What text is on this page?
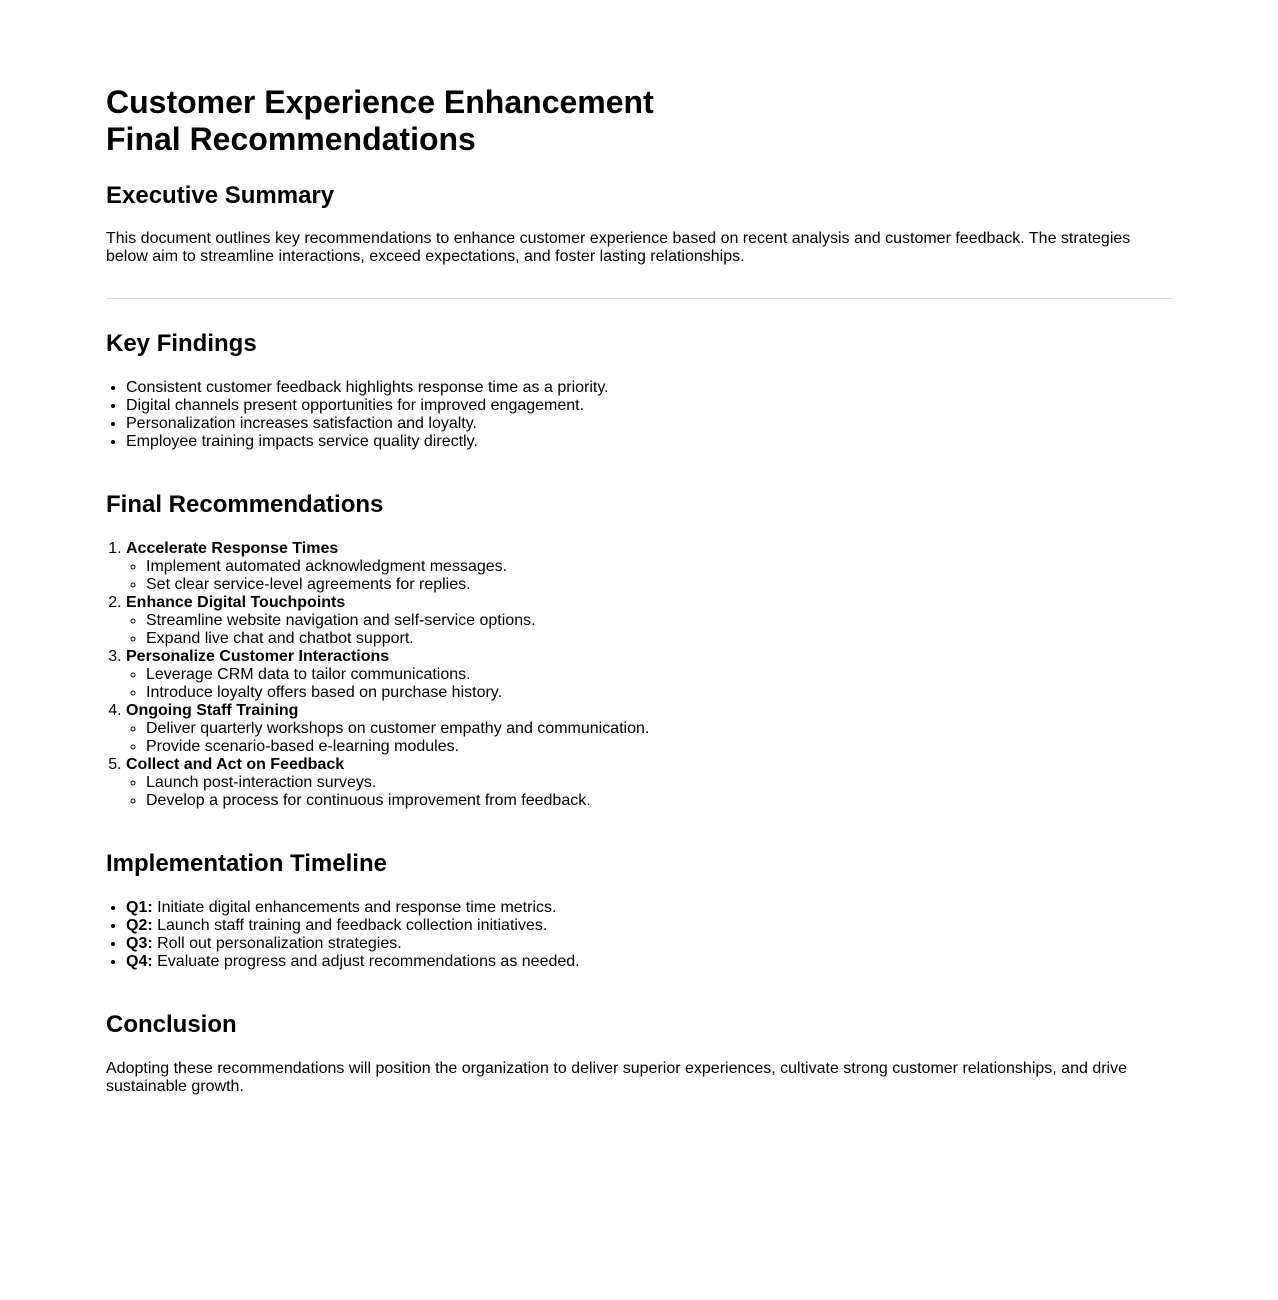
Customer Experience Enhancement
Final Recommendations
Executive Summary

This document outlines key recommendations to enhance customer experience based on recent analysis and customer feedback. The strategies below aim to streamline interactions, exceed expectations, and foster lasting relationships.

Key Findings
• Consistent customer feedback highlights response time as a priority.
• Digital channels present opportunities for improved engagement.
• Personalization increases satisfaction and loyalty.
• Employee training impacts service quality directly.
Final Recommendations
1. Accelerate Response Times
◦ Implement automated acknowledgment messages.
◦ Set clear service-level agreements for replies.
2. Enhance Digital Touchpoints
◦ Streamline website navigation and self-service options.
◦ Expand live chat and chatbot support.
3. Personalize Customer Interactions
◦ Leverage CRM data to tailor communications.
◦ Introduce loyalty offers based on purchase history.
4. Ongoing Staff Training
◦ Deliver quarterly workshops on customer empathy and communication.
◦ Provide scenario-based e-learning modules.
5. Collect and Act on Feedback
◦ Launch post-interaction surveys.
◦ Develop a process for continuous improvement from feedback.
Implementation Timeline
• Q1: Initiate digital enhancements and response time metrics.
• Q2: Launch staff training and feedback collection initiatives.
• Q3: Roll out personalization strategies.
• Q4: Evaluate progress and adjust recommendations as needed.
Conclusion

Adopting these recommendations will position the organization to deliver superior experiences, cultivate strong customer relationships, and drive sustainable growth.
